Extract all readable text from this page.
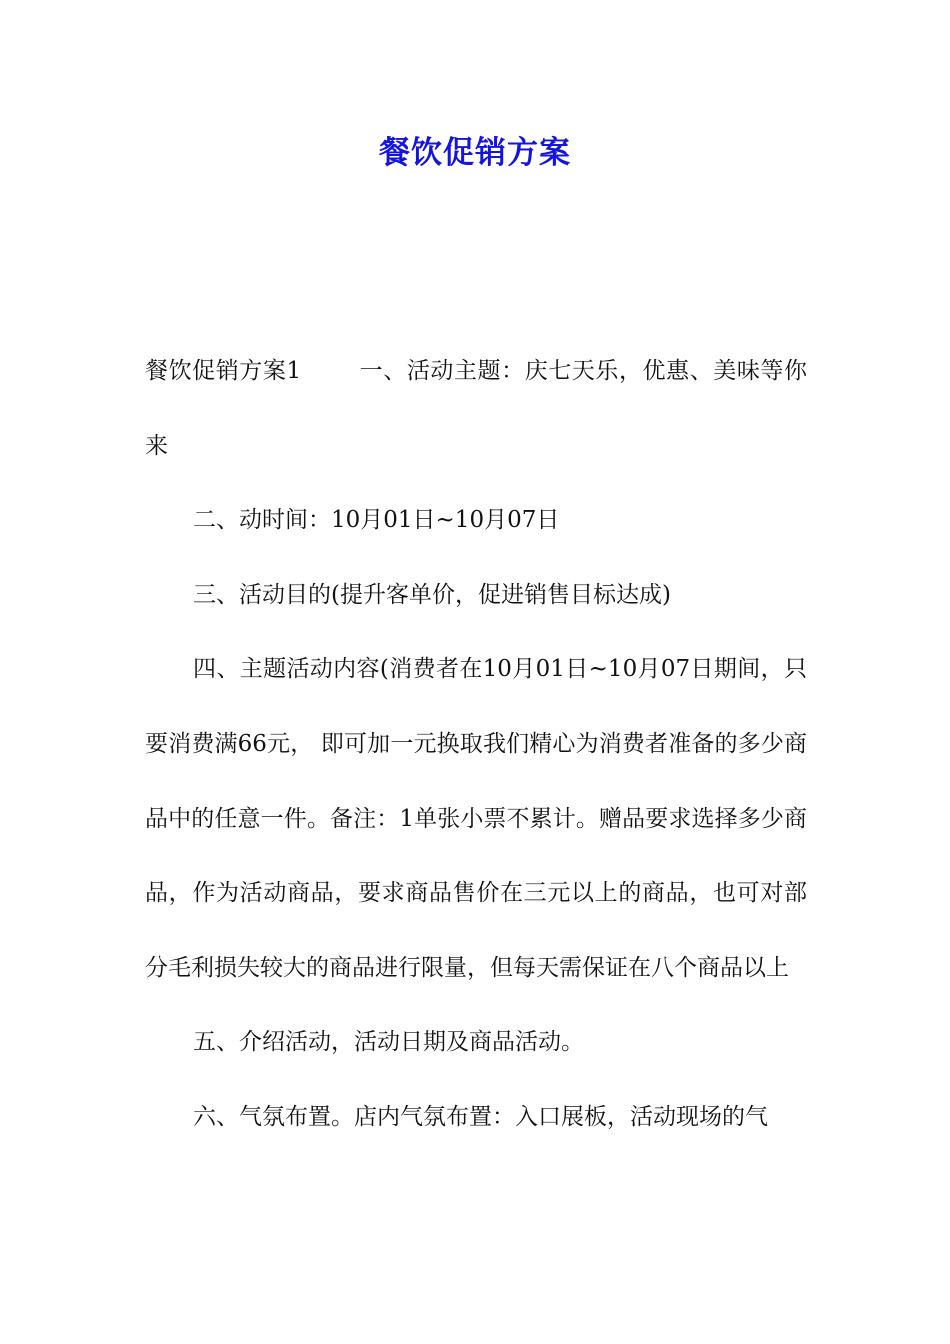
餐饮促销方案

餐饮促销方案1	一、活动主题：庆七天乐，优惠、美味等你来

二、动时间：10月01日~10月07日

三、活动目的(提升客单价，促进销售目标达成)

四、主题活动内容(消费者在10月01日~10月07日期间，只要消费满66元， 即可加一元换取我们精心为消费者准备的多少商品中的任意一件。备注：1单张小票不累计。赠品要求选择多少商品，作为活动商品，要求商品售价在三元以上的商品，也可对部分毛利损失较大的商品进行限量，但每天需保证在八个商品以上

五、介绍活动，活动日期及商品活动。

六、气氛布置。店内气氛布置：入口展板，活动现场的气
